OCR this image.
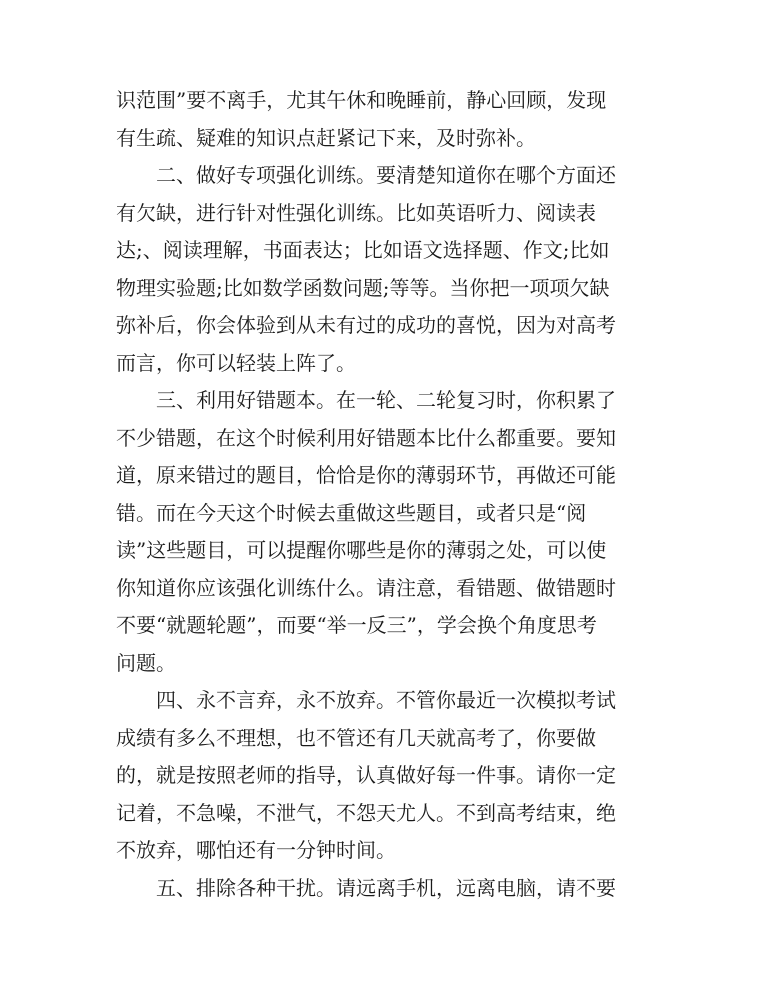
识范围”要不离手，尤其午休和晚睡前，静心回顾，发现
有生疏、疑难的知识点赶紧记下来，及时弥补。
二、做好专项强化训练。要清楚知道你在哪个方面还
有欠缺，进行针对性强化训练。比如英语听力、阅读表
达;、阅读理解，书面表达；比如语文选择题、作文;比如
物理实验题;比如数学函数问题;等等。当你把一项项欠缺
弥补后，你会体验到从未有过的成功的喜悦，因为对高考
而言，你可以轻装上阵了。
三、利用好错题本。在一轮、二轮复习时，你积累了
不少错题，在这个时候利用好错题本比什么都重要。要知
道，原来错过的题目，恰恰是你的薄弱环节，再做还可能
错。而在今天这个时候去重做这些题目，或者只是“阅
读”这些题目，可以提醒你哪些是你的薄弱之处，可以使
你知道你应该强化训练什么。请注意，看错题、做错题时
不要“就题轮题”，而要“举一反三”，学会换个角度思考
问题。
四、永不言弃，永不放弃。不管你最近一次模拟考试
成绩有多么不理想，也不管还有几天就高考了，你要做
的，就是按照老师的指导，认真做好每一件事。请你一定
记着，不急噪，不泄气，不怨天尤人。不到高考结束，绝
不放弃，哪怕还有一分钟时间。
五、排除各种干扰。请远离手机，远离电脑，请不要
